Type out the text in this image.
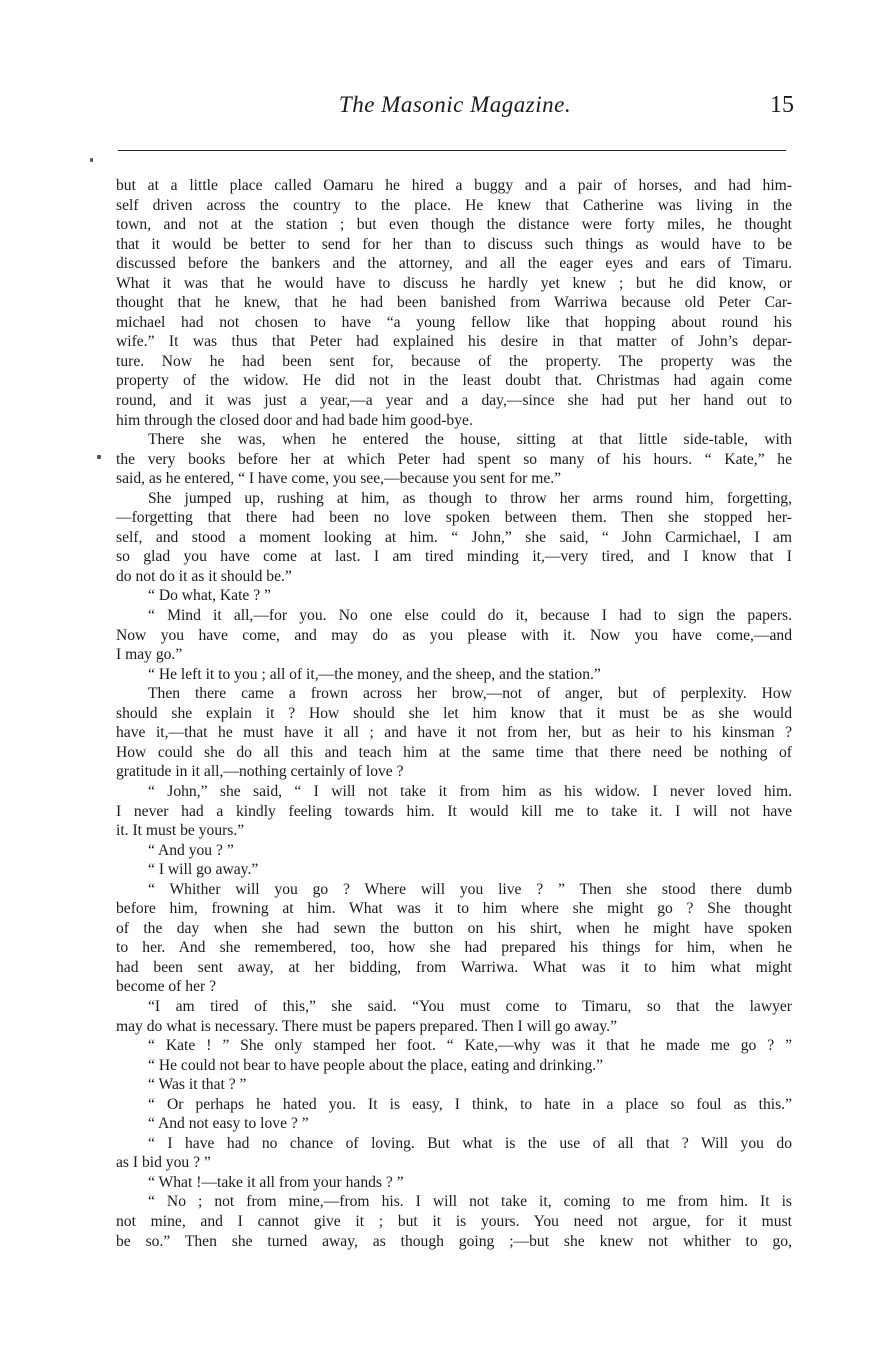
The Masonic Magazine.	15
but at a little place called Oamaru he hired a buggy and a pair of horses, and had him-
self driven across the country to the place. He knew that Catherine was living in the
town, and not at the station ; but even though the distance were forty miles, he thought
that it would be better to send for her than to discuss such things as would have to be
discussed before the bankers and the attorney, and all the eager eyes and ears of Timaru.
What it was that he would have to discuss he hardly yet knew ; but he did know, or
thought that he knew, that he had been banished from Warriwa because old Peter Car-
michael had not chosen to have “a young fellow like that hopping about round his
wife.” It was thus that Peter had explained his desire in that matter of John’s depar-
ture. Now he had been sent for, because of the property. The property was the
property of the widow. He did not in the least doubt that. Christmas had again come
round, and it was just a year,—a year and a day,—since she had put her hand out to
him through the closed door and had bade him good-bye.
There she was, when he entered the house, sitting at that little side-table, with
the very books before her at which Peter had spent so many of his hours. “ Kate,” he
said, as he entered, “ I have come, you see,—because you sent for me.”
She jumped up, rushing at him, as though to throw her arms round him, forgetting,
—forgetting that there had been no love spoken between them. Then she stopped her-
self, and stood a moment looking at him. “ John,” she said, “ John Carmichael, I am
so glad you have come at last. I am tired minding it,—very tired, and I know that I
do not do it as it should be.”
“ Do what, Kate ? ”
“ Mind it all,—for you. No one else could do it, because I had to sign the papers.
Now you have come, and may do as you please with it. Now you have come,—and
I may go.”
“ He left it to you ; all of it,—the money, and the sheep, and the station.”
Then there came a frown across her brow,—not of anger, but of perplexity. How
should she explain it ? How should she let him know that it must be as she would
have it,—that he must have it all ; and have it not from her, but as heir to his kinsman ?
How could she do all this and teach him at the same time that there need be nothing of
gratitude in it all,—nothing certainly of love ?
“ John,” she said, “ I will not take it from him as his widow. I never loved him.
I never had a kindly feeling towards him. It would kill me to take it. I will not have
it. It must be yours.”
“ And you ? ”
“ I will go away.”
“ Whither will you go ? Where will you live ? ” Then she stood there dumb
before him, frowning at him. What was it to him where she might go ? She thought
of the day when she had sewn the button on his shirt, when he might have spoken
to her. And she remembered, too, how she had prepared his things for him, when he
had been sent away, at her bidding, from Warriwa. What was it to him what might
become of her ?
“I am tired of this,” she said. “You must come to Timaru, so that the lawyer
may do what is necessary. There must be papers prepared. Then I will go away.”
“ Kate ! ” She only stamped her foot. “ Kate,—why was it that he made me go ? ”
“ He could not bear to have people about the place, eating and drinking.”
“ Was it that ? ”
“ Or perhaps he hated you. It is easy, I think, to hate in a place so foul as this.”
“ And not easy to love ? ”
“ I have had no chance of loving. But what is the use of all that ? Will you do
as I bid you ? ”
“ What !—take it all from your hands ? ”
“ No ; not from mine,—from his. I will not take it, coming to me from him. It is
not mine, and I cannot give it ; but it is yours. You need not argue, for it must
be so.” Then she turned away, as though going ;—but she knew not whither to go,
